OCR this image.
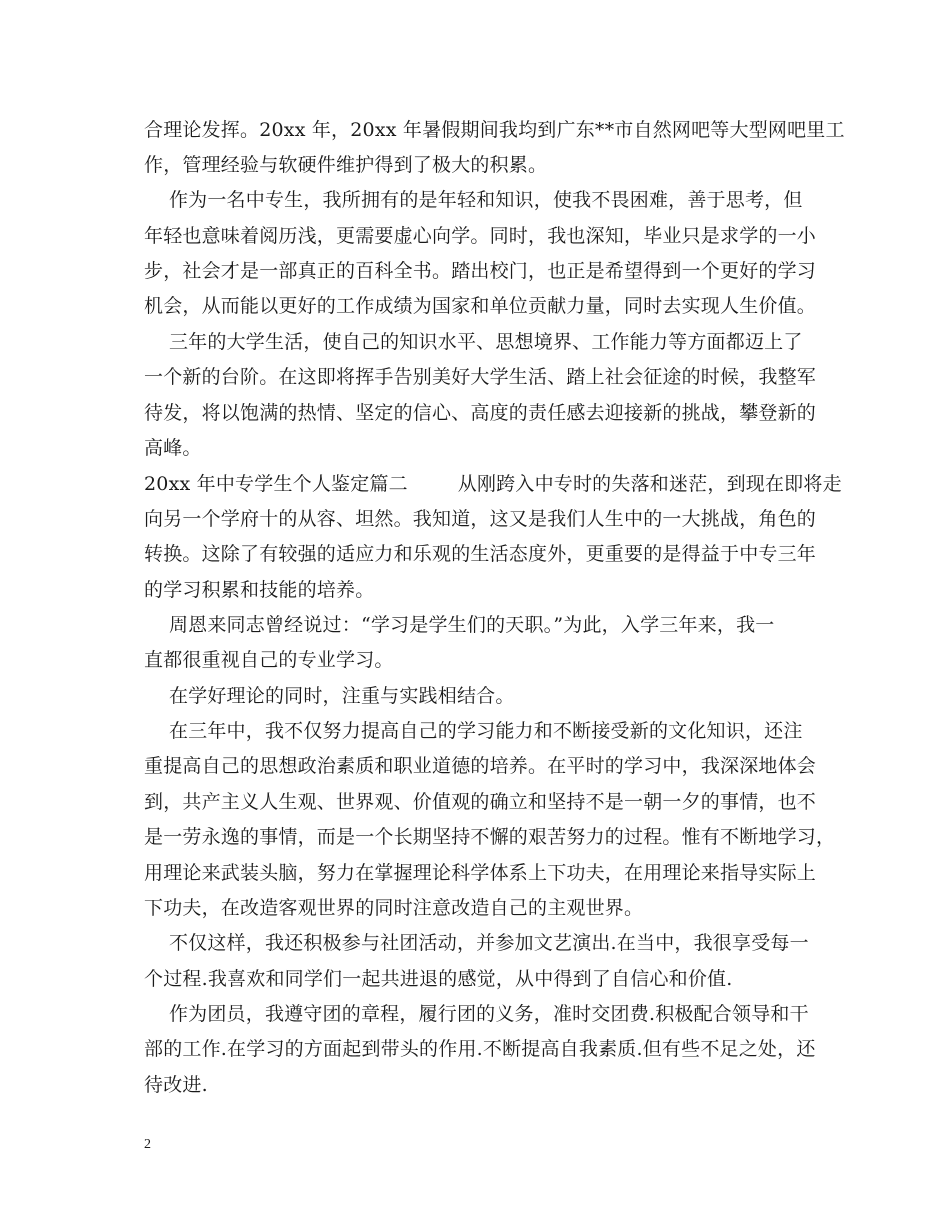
合理论发挥。20xx 年，20xx 年暑假期间我均到广东**市自然网吧等大型网吧里工
作，管理经验与软硬件维护得到了极大的积累。
作为一名中专生，我所拥有的是年轻和知识，使我不畏困难，善于思考，但
年轻也意味着阅历浅，更需要虚心向学。同时，我也深知，毕业只是求学的一小
步，社会才是一部真正的百科全书。踏出校门，也正是希望得到一个更好的学习
机会，从而能以更好的工作成绩为国家和单位贡献力量，同时去实现人生价值。
三年的大学生活，使自己的知识水平、思想境界、工作能力等方面都迈上了
一个新的台阶。在这即将挥手告别美好大学生活、踏上社会征途的时候，我整军
待发，将以饱满的热情、坚定的信心、高度的责任感去迎接新的挑战，攀登新的
高峰。
20xx 年中专学生个人鉴定篇二        从刚跨入中专时的失落和迷茫，到现在即将走
向另一个学府十的从容、坦然。我知道，这又是我们人生中的一大挑战，角色的
转换。这除了有较强的适应力和乐观的生活态度外，更重要的是得益于中专三年
的学习积累和技能的培养。
周恩来同志曾经说过：“学习是学生们的天职。”为此，入学三年来，我一
直都很重视自己的专业学习。
在学好理论的同时，注重与实践相结合。
在三年中，我不仅努力提高自己的学习能力和不断接受新的文化知识，还注
重提高自己的思想政治素质和职业道德的培养。在平时的学习中，我深深地体会
到，共产主义人生观、世界观、价值观的确立和坚持不是一朝一夕的事情，也不
是一劳永逸的事情，而是一个长期坚持不懈的艰苦努力的过程。惟有不断地学习，
用理论来武装头脑，努力在掌握理论科学体系上下功夫，在用理论来指导实际上
下功夫，在改造客观世界的同时注意改造自己的主观世界。
不仅这样，我还积极参与社团活动，并参加文艺演出.在当中，我很享受每一
个过程.我喜欢和同学们一起共进退的感觉，从中得到了自信心和价值.
作为团员，我遵守团的章程，履行团的义务，准时交团费.积极配合领导和干
部的工作.在学习的方面起到带头的作用.不断提高自我素质.但有些不足之处，还
待改进.
2
